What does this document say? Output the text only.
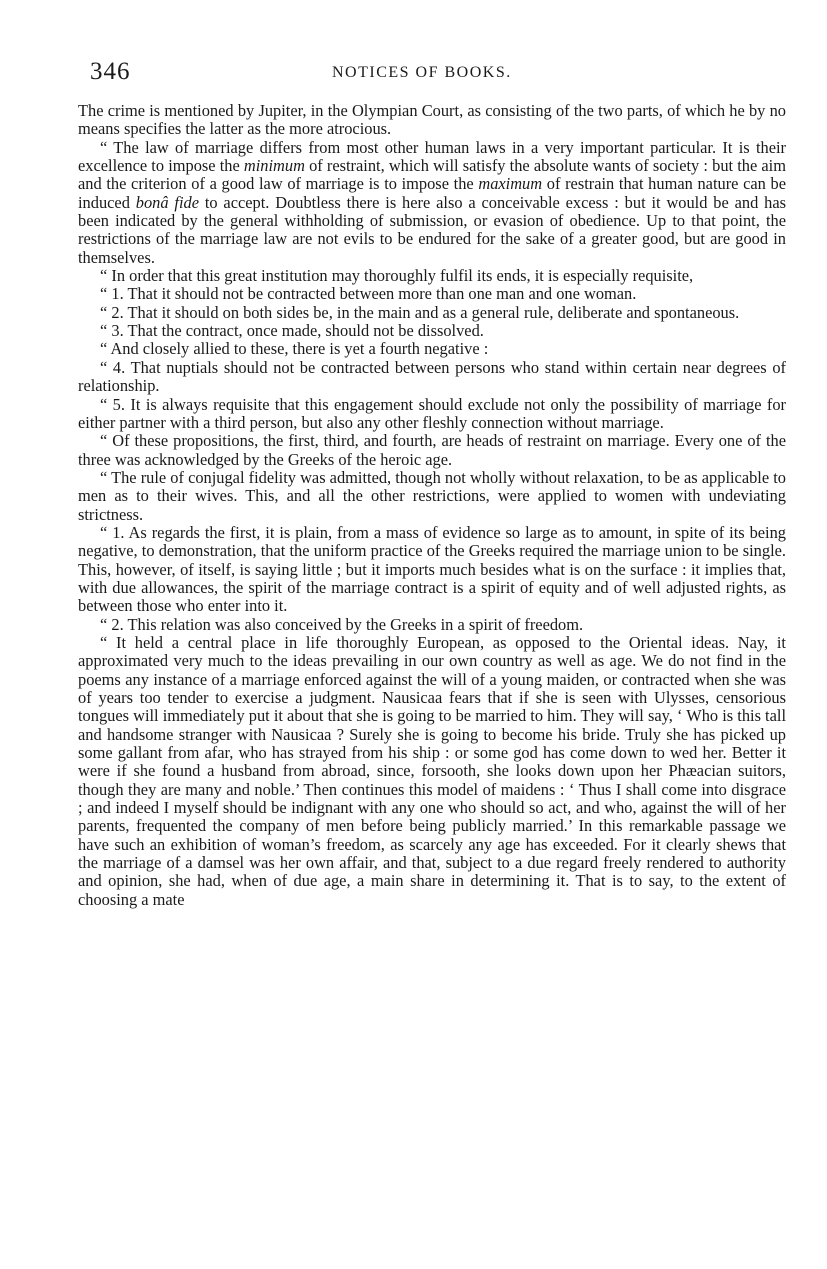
346	NOTICES OF BOOKS.

The crime is mentioned by Jupiter, in the Olympian Court, as consisting of the two parts, of which he by no means specifies the latter as the more atrocious.

“ The law of marriage differs from most other human laws in a very important particular. It is their excellence to impose the minimum of restraint, which will satisfy the absolute wants of society : but the aim and the criterion of a good law of marriage is to impose the maximum of restrain that human nature can be induced bonâ fide to accept. Doubtless there is here also a conceivable excess : but it would be and has been indicated by the general withholding of submission, or evasion of obedience. Up to that point, the restrictions of the marriage law are not evils to be endured for the sake of a greater good, but are good in themselves.

“ In order that this great institution may thoroughly fulfil its ends, it is especially requisite,

“ 1. That it should not be contracted between more than one man and one woman.

“ 2. That it should on both sides be, in the main and as a general rule, deliberate and spontaneous.

“ 3. That the contract, once made, should not be dissolved.

“ And closely allied to these, there is yet a fourth negative :

“ 4. That nuptials should not be contracted between persons who stand within certain near degrees of relationship.

“ 5. It is always requisite that this engagement should exclude not only the possibility of marriage for either partner with a third person, but also any other fleshly connection without marriage.

“ Of these propositions, the first, third, and fourth, are heads of restraint on marriage. Every one of the three was acknowledged by the Greeks of the heroic age.

“ The rule of conjugal fidelity was admitted, though not wholly without relaxation, to be as applicable to men as to their wives. This, and all the other restrictions, were applied to women with undeviating strictness.

“ 1. As regards the first, it is plain, from a mass of evidence so large as to amount, in spite of its being negative, to demonstration, that the uniform practice of the Greeks required the marriage union to be single. This, however, of itself, is saying little ; but it imports much besides what is on the surface : it implies that, with due allowances, the spirit of the marriage contract is a spirit of equity and of well adjusted rights, as between those who enter into it.

“ 2. This relation was also conceived by the Greeks in a spirit of freedom.

“ It held a central place in life thoroughly European, as opposed to the Oriental ideas. Nay, it approximated very much to the ideas prevailing in our own country as well as age. We do not find in the poems any instance of a marriage enforced against the will of a young maiden, or contracted when she was of years too tender to exercise a judgment. Nausicaa fears that if she is seen with Ulysses, censorious tongues will immediately put it about that she is going to be married to him. They will say, ‘ Who is this tall and handsome stranger with Nausicaa ? Surely she is going to become his bride. Truly she has picked up some gallant from afar, who has strayed from his ship : or some god has come down to wed her. Better it were if she found a husband from abroad, since, forsooth, she looks down upon her Phæacian suitors, though they are many and noble.’ Then continues this model of maidens : ‘ Thus I shall come into disgrace ; and indeed I myself should be indignant with any one who should so act, and who, against the will of her parents, frequented the company of men before being publicly married.’ In this remarkable passage we have such an exhibition of woman’s freedom, as scarcely any age has exceeded. For it clearly shews that the marriage of a damsel was her own affair, and that, subject to a due regard freely rendered to authority and opinion, she had, when of due age, a main share in determining it. That is to say, to the extent of choosing a mate
